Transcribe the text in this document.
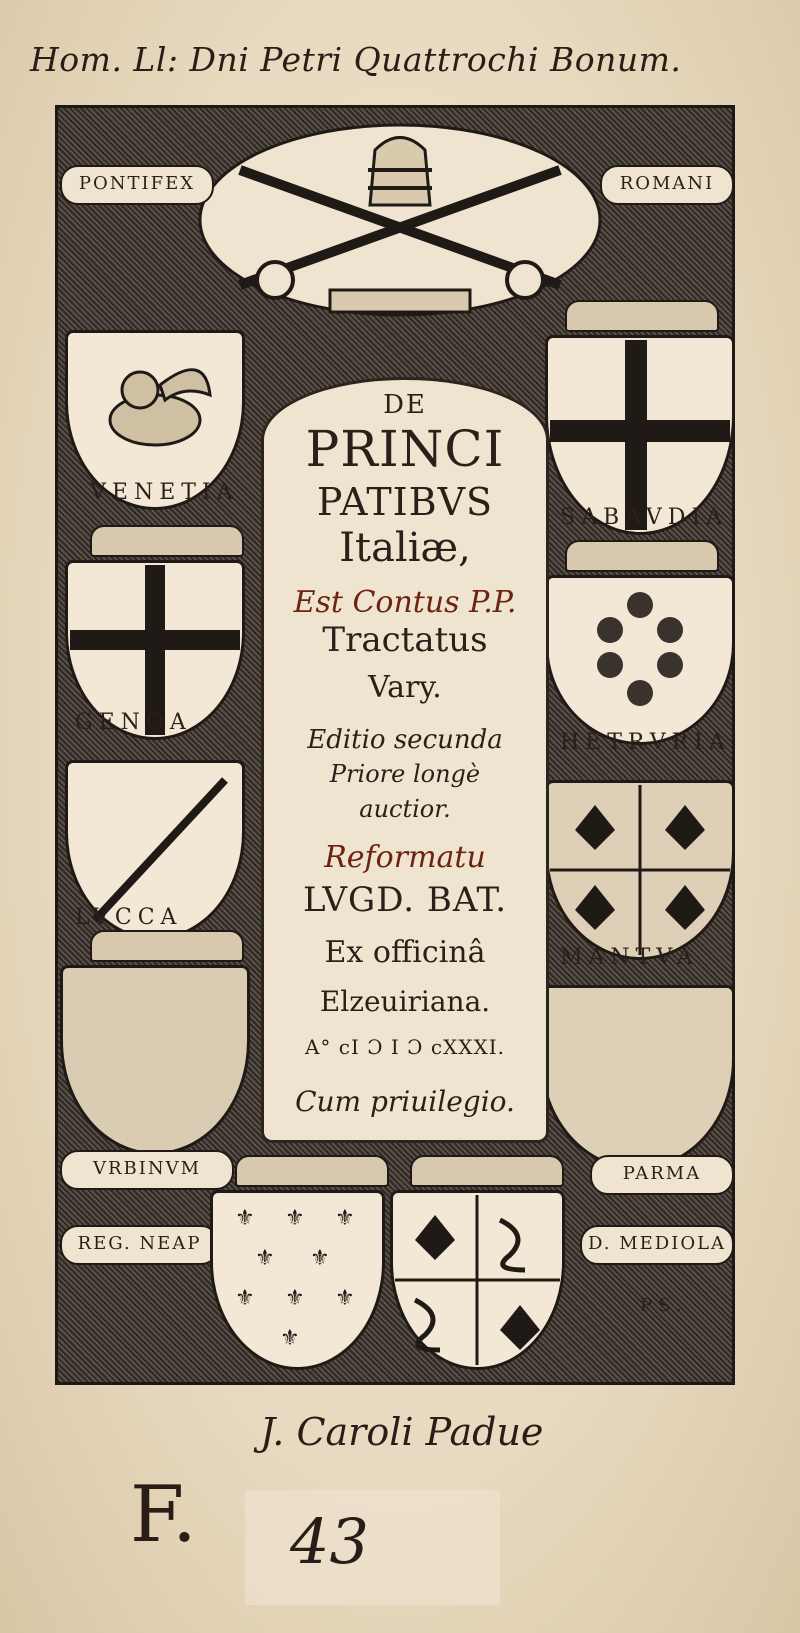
Hom. Ll: Dni Petri Quattrochi Bonum.
PONTIFEX	ROMANI
VENETIA
GENOA
LVCCA
VRBINVM
SABAVDIA
HETRVRIA
MANTVA
PARMA
REG. NEAP
⚜ ⚜ ⚜
⚜ ⚜
⚜ ⚜ ⚜
⚜
D. MEDIOLA
PS.
DE
PRINCI
PATIBVS
Italiæ,
Est Contus P.P.
Tractatus
Vary.
Editio secunda
Priore longè
auctior.
Reformatu
LVGD. BAT.
Ex officinâ
Elzeuiriana.
A° cI Ɔ I Ɔ cXXXI.
Cum priuilegio.
J. Caroli Padue
F. 43
